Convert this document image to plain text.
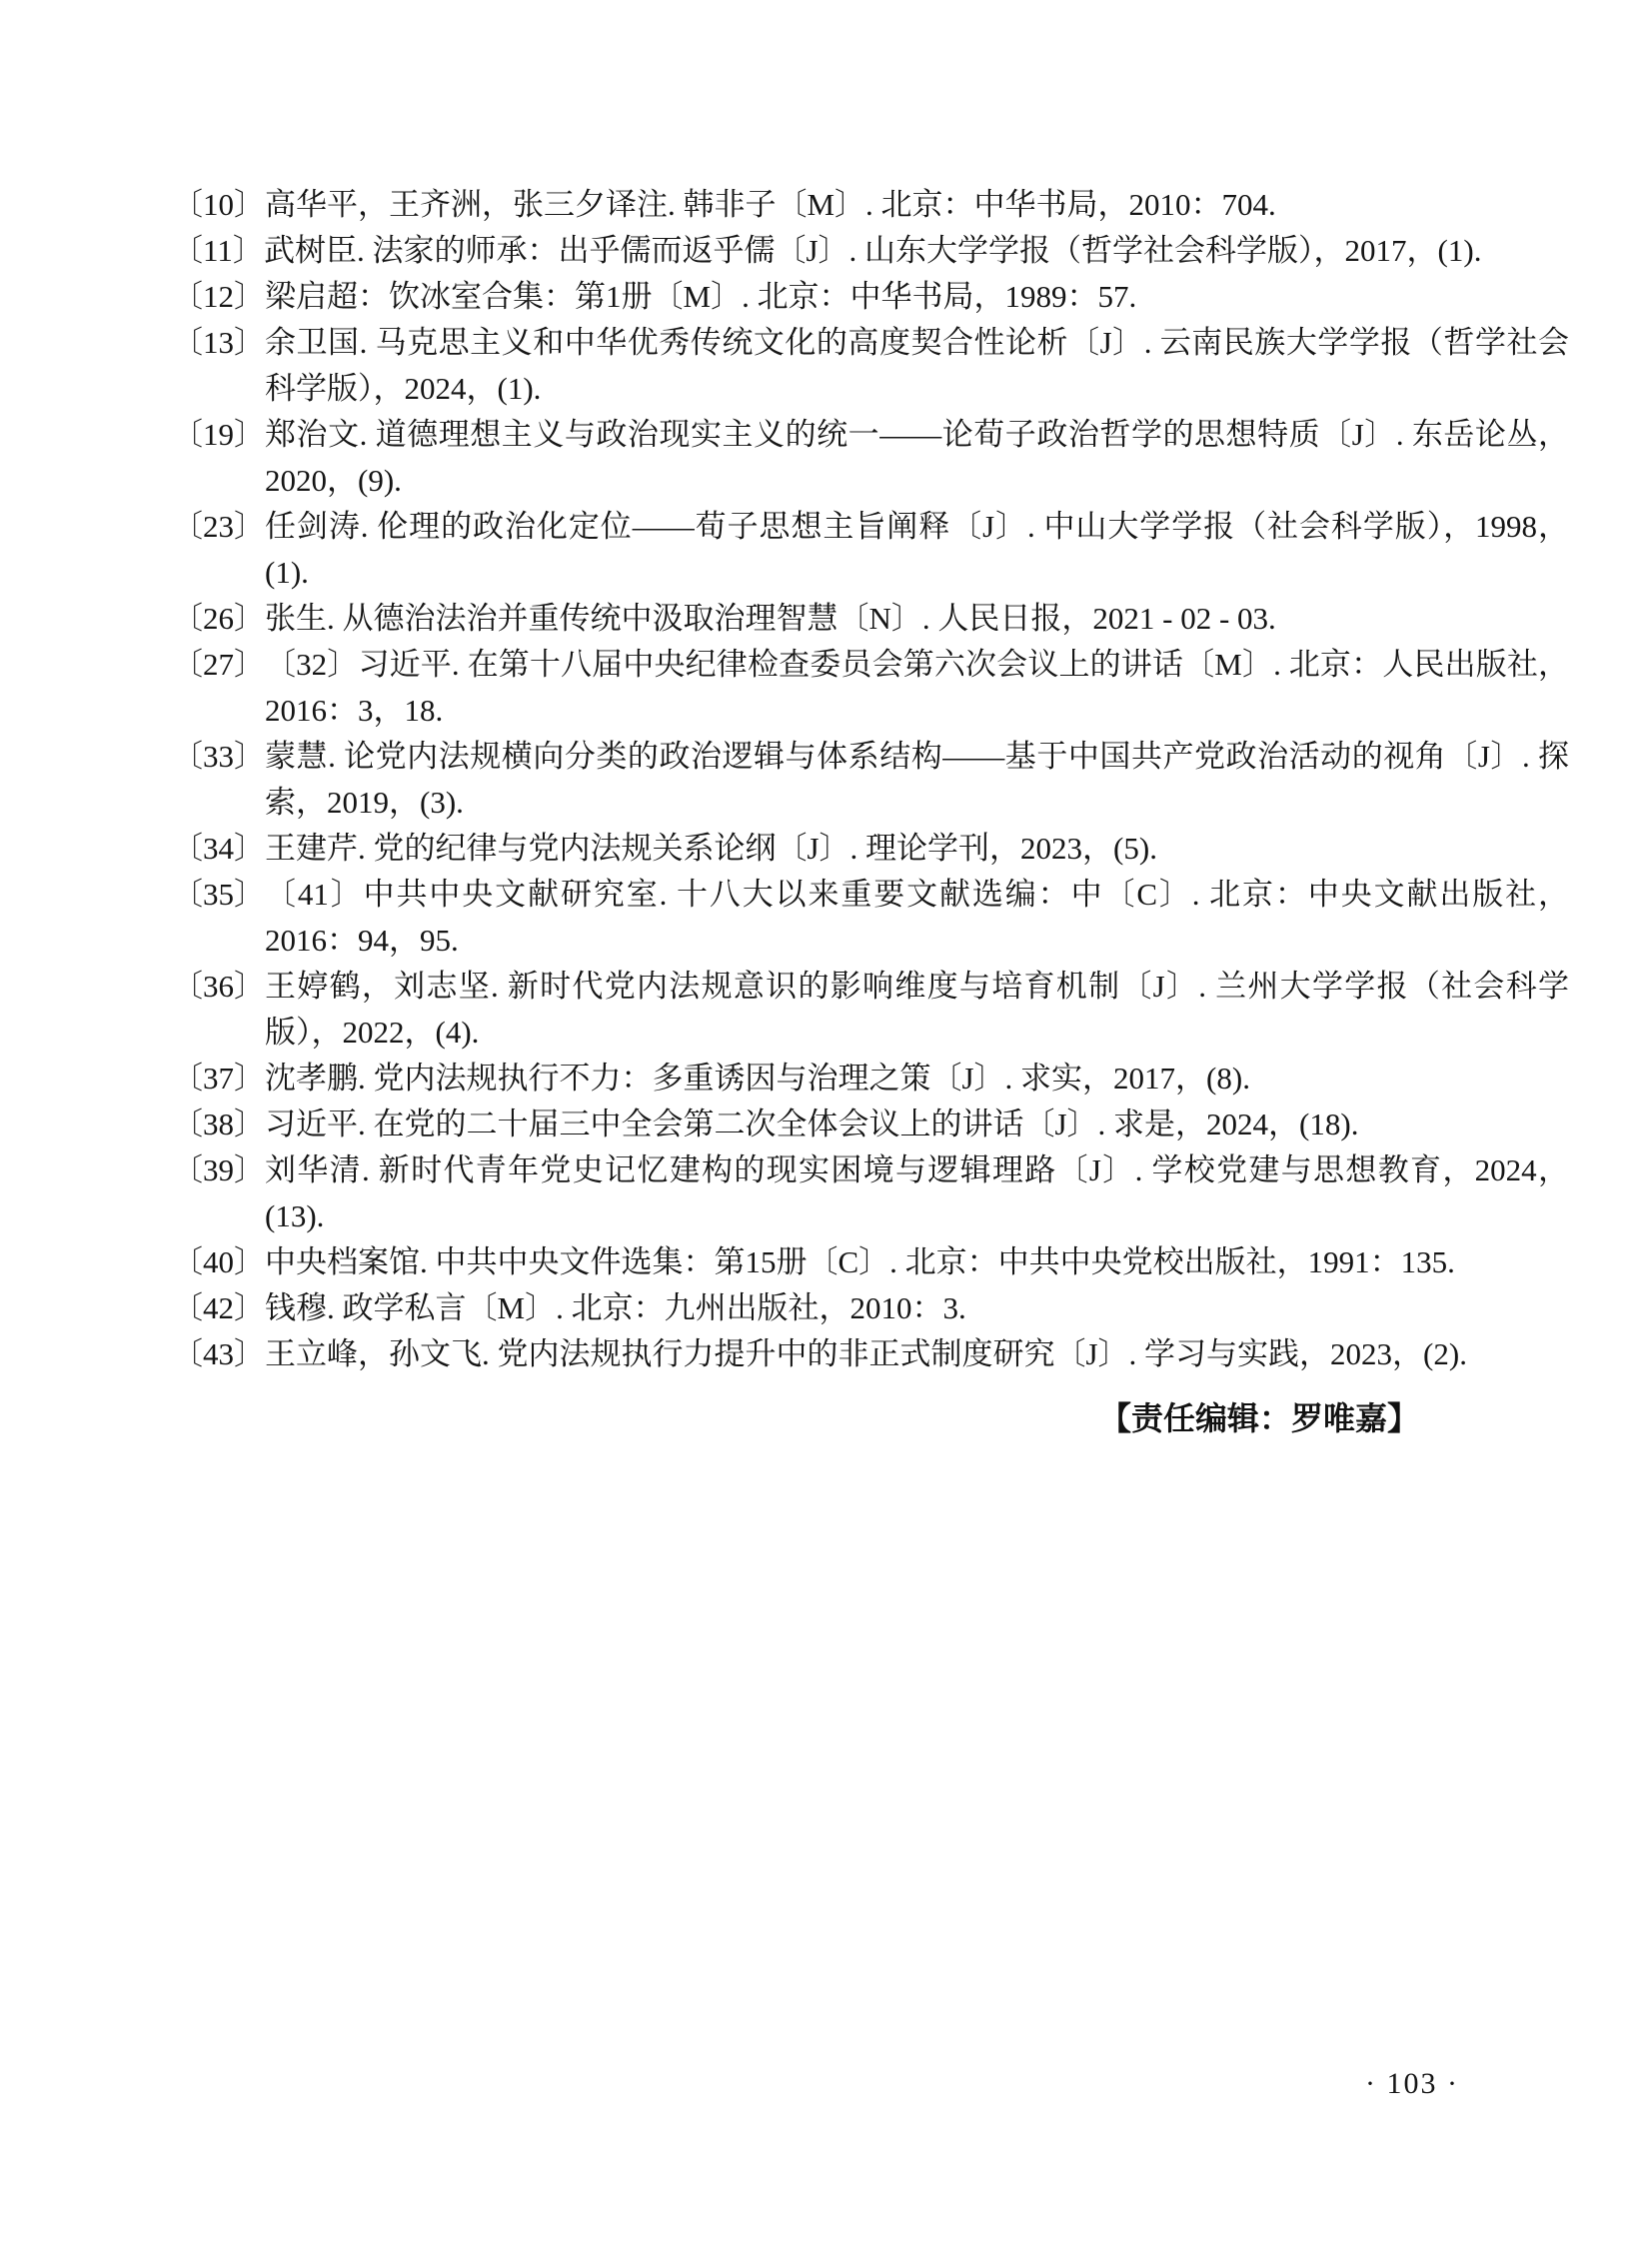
〔10〕 高华平，王齐洲，张三夕译注. 韩非子〔M〕. 北京：中华书局，2010：704.
〔11〕 武树臣. 法家的师承：出乎儒而返乎儒〔J〕. 山东大学学报（哲学社会科学版），2017，(1).
〔12〕 梁启超：饮冰室合集：第1册〔M〕. 北京：中华书局，1989：57.
〔13〕 余卫国. 马克思主义和中华优秀传统文化的高度契合性论析〔J〕. 云南民族大学学报（哲学社会科学版），2024，(1).
〔19〕 郑治文. 道德理想主义与政治现实主义的统一——论荀子政治哲学的思想特质〔J〕. 东岳论丛，2020，(9).
〔23〕 任剑涛. 伦理的政治化定位——荀子思想主旨阐释〔J〕. 中山大学学报（社会科学版），1998，(1).
〔26〕 张生. 从德治法治并重传统中汲取治理智慧〔N〕. 人民日报，2021 - 02 - 03.
〔27〕 〔32〕习近平. 在第十八届中央纪律检查委员会第六次会议上的讲话〔M〕. 北京：人民出版社，2016：3，18.
〔33〕 蒙慧. 论党内法规横向分类的政治逻辑与体系结构——基于中国共产党政治活动的视角〔J〕. 探索，2019，(3).
〔34〕 王建芹. 党的纪律与党内法规关系论纲〔J〕. 理论学刊，2023，(5).
〔35〕 〔41〕中共中央文献研究室. 十八大以来重要文献选编：中〔C〕. 北京：中央文献出版社，2016：94，95.
〔36〕 王婷鹤，刘志坚. 新时代党内法规意识的影响维度与培育机制〔J〕. 兰州大学学报（社会科学版），2022，(4).
〔37〕 沈孝鹏. 党内法规执行不力：多重诱因与治理之策〔J〕. 求实，2017，(8).
〔38〕 习近平. 在党的二十届三中全会第二次全体会议上的讲话〔J〕. 求是，2024，(18).
〔39〕 刘华清. 新时代青年党史记忆建构的现实困境与逻辑理路〔J〕. 学校党建与思想教育，2024，(13).
〔40〕 中央档案馆. 中共中央文件选集：第15册〔C〕. 北京：中共中央党校出版社，1991：135.
〔42〕 钱穆. 政学私言〔M〕. 北京：九州出版社，2010：3.
〔43〕 王立峰，孙文飞. 党内法规执行力提升中的非正式制度研究〔J〕. 学习与实践，2023，(2).
【责任编辑：罗唯嘉】
· 103 ·
